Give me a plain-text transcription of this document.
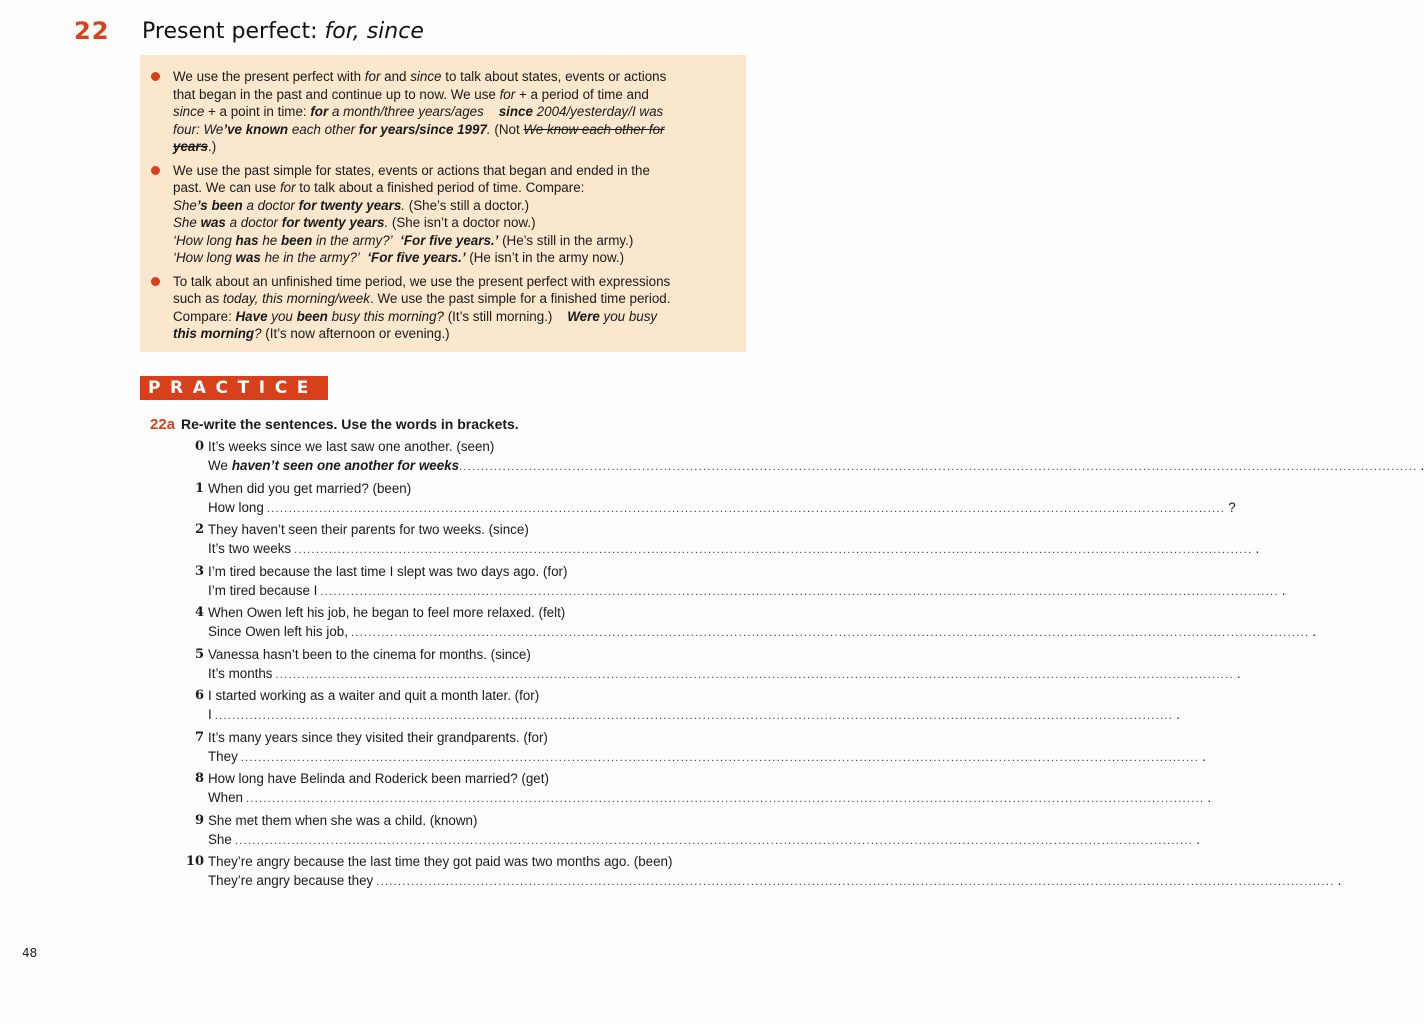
22 Present perfect: for, since
We use the present perfect with for and since to talk about states, events or actions
that began in the past and continue up to now. We use for + a period of time and
since + a point in time: for a month/three years/ages since 2004/yesterday/I was
four: We’ve known each other for years/since 1997. (Not We know each other for
years.)
We use the past simple for states, events or actions that began and ended in the
past. We can use for to talk about a finished period of time. Compare:
She’s been a doctor for twenty years. (She’s still a doctor.)
She was a doctor for twenty years. (She isn’t a doctor now.)
‘How long has he been in the army?’ ‘For five years.’ (He’s still in the army.)
‘How long was he in the army?’ ‘For five years.’ (He isn’t in the army now.)
To talk about an unfinished time period, we use the present perfect with expressions
such as today, this morning/week. We use the past simple for a finished time period.
Compare: Have you been busy this morning? (It’s still morning.)    Were you busy
this morning? (It’s now afternoon or evening.)
PRACTICE
22a Re-write the sentences. Use the words in brackets.
0 It’s weeks since we last saw one another. (seen)
We haven’t seen one another for weeks ............................................................................................................................................................................................................................ .
1 When did you get married? (been)
How long ............................................................................................................................................................................................................................ ?
2 They haven’t seen their parents for two weeks. (since)
It’s two weeks ............................................................................................................................................................................................................................ .
3 I’m tired because the last time I slept was two days ago. (for)
I’m tired because I ............................................................................................................................................................................................................................ .
4 When Owen left his job, he began to feel more relaxed. (felt)
Since Owen left his job, ............................................................................................................................................................................................................................ .
5 Vanessa hasn’t been to the cinema for months. (since)
It’s months ............................................................................................................................................................................................................................ .
6 I started working as a waiter and quit a month later. (for)
I ............................................................................................................................................................................................................................ .
7 It’s many years since they visited their grandparents. (for)
They ............................................................................................................................................................................................................................ .
8 How long have Belinda and Roderick been married? (get)
When ............................................................................................................................................................................................................................ .
9 She met them when she was a child. (known)
She ............................................................................................................................................................................................................................ .
10 They’re angry because the last time they got paid was two months ago. (been)
They’re angry because they ............................................................................................................................................................................................................................ .
48
